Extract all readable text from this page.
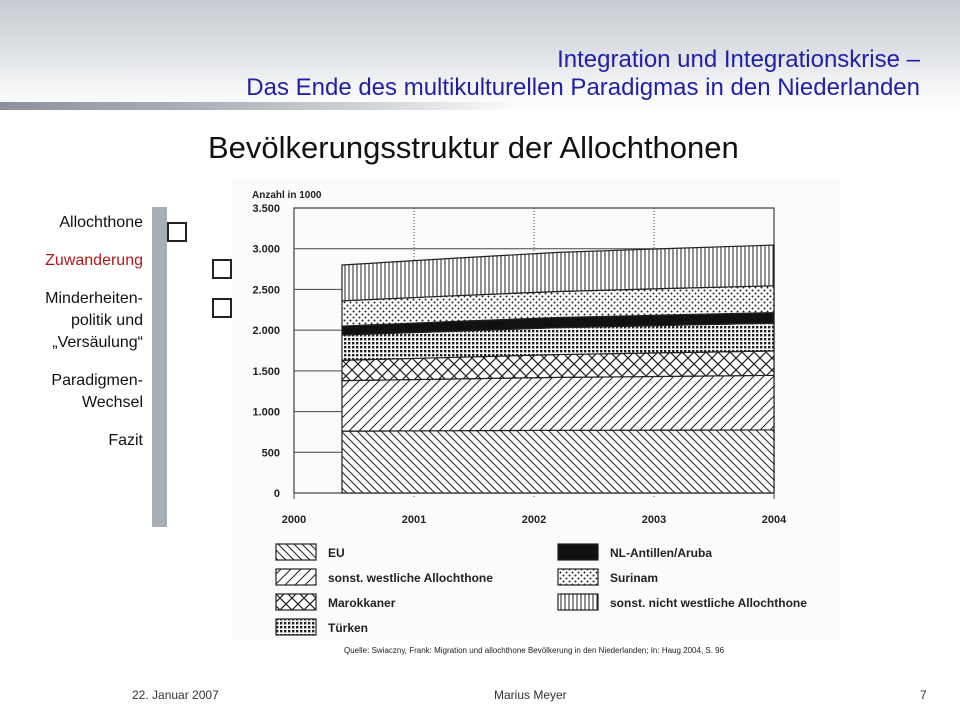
Integration und Integrationskrise –
Das Ende des multikulturellen Paradigmas in den Niederlanden
Bevölkerungsstruktur der Allochthonen
Allochthone
Zuwanderung
Minderheiten-
politik und
„Versäulung“
Paradigmen-
Wechsel
Fazit
0
500
1.000
1.500
2.000
2.500
3.000
3.500
2000	2001	2002	2003	2004
Anzahl in 1000
EU
sonst. westliche Allochthone
Marokkaner
Türken
NL-Antillen/Aruba
Surinam
sonst. nicht westliche Allochthone
Quelle: Swiaczny, Frank: Migration und allochthone Bevölkerung in den Niederlanden; In: Haug 2004, S. 96
22. Januar 2007	Marius Meyer	7
